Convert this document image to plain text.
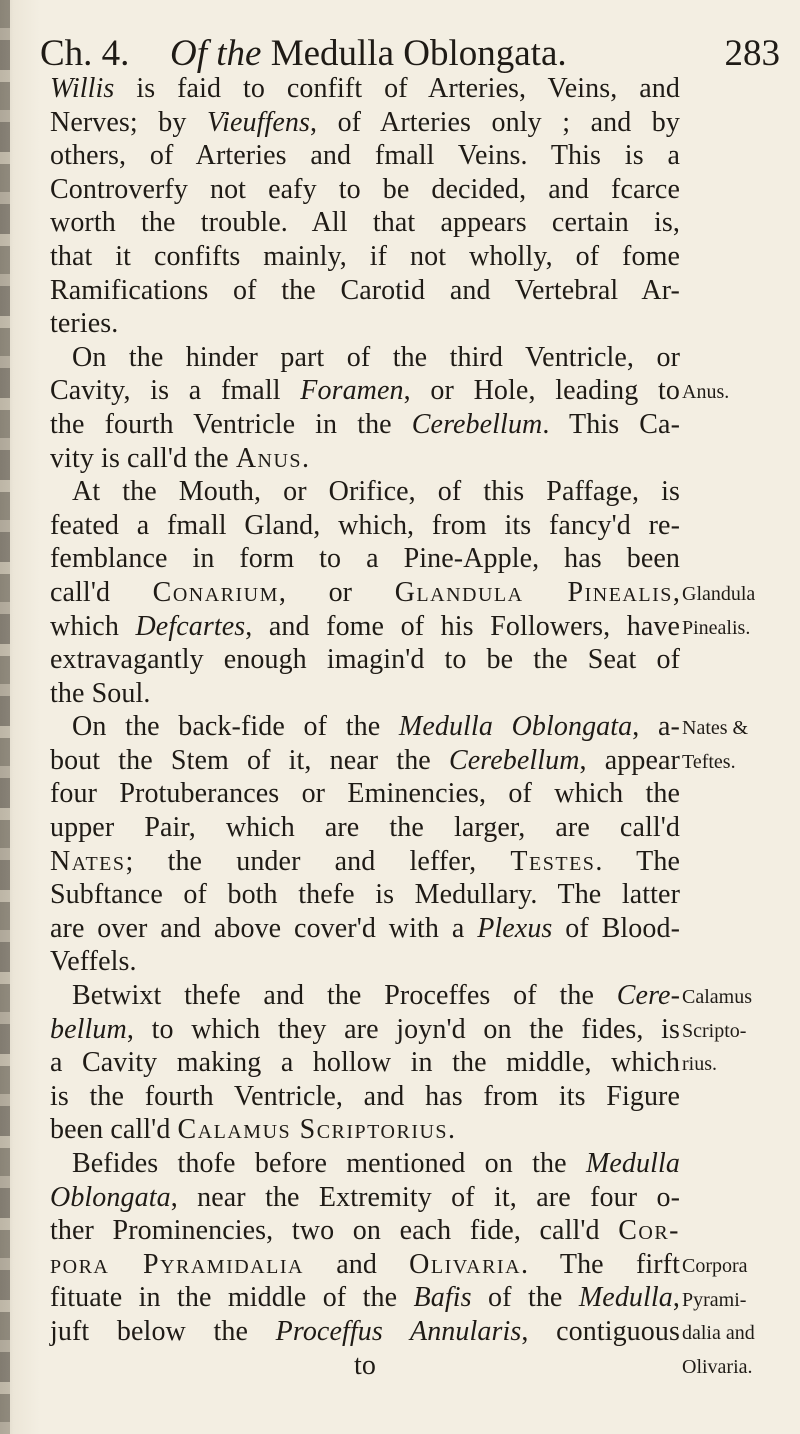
Ch. 4. Of the Medulla Oblongata.	283
Willis is faid to confift of Arteries, Veins, and
Nerves; by Vieuffens, of Arteries only ; and by
others, of Arteries and fmall Veins. This is a
Controverfy not eafy to be decided, and fcarce
worth the trouble. All that appears certain is,
that it confifts mainly, if not wholly, of fome
Ramifications of the Carotid and Vertebral Ar-
teries.
On the hinder part of the third Ventricle, or
Cavity, is a fmall Foramen, or Hole, leading to
the fourth Ventricle in the Cerebellum. This Ca-
vity is call'd the Anus.
At the Mouth, or Orifice, of this Paffage, is
feated a fmall Gland, which, from its fancy'd re-
femblance in form to a Pine-Apple, has been
call'd Conarium, or Glandula Pinealis,
which Defcartes, and fome of his Followers, have
extravagantly enough imagin'd to be the Seat of
the Soul.
On the back-fide of the Medulla Oblongata, a-
bout the Stem of it, near the Cerebellum, appear
four Protuberances or Eminencies, of which the
upper Pair, which are the larger, are call'd
Nates; the under and leffer, Testes. The
Subftance of both thefe is Medullary. The latter
are over and above cover'd with a Plexus of Blood-
Veffels.
Betwixt thefe and the Proceffes of the Cere-
bellum, to which they are joyn'd on the fides, is
a Cavity making a hollow in the middle, which
is the fourth Ventricle, and has from its Figure
been call'd Calamus Scriptorius.
Befides thofe before mentioned on the Medulla
Oblongata, near the Extremity of it, are four o-
ther Prominencies, two on each fide, call'd Cor-
pora Pyramidalia and Olivaria. The firft
fituate in the middle of the Bafis of the Medulla,
juft below the Proceffus Annularis, contiguous
to
Anus.
Glandula
Pinealis.
Nates &
Teftes.
Calamus
Scripto-
rius.
Corpora
Pyrami-
dalia and
Olivaria.
